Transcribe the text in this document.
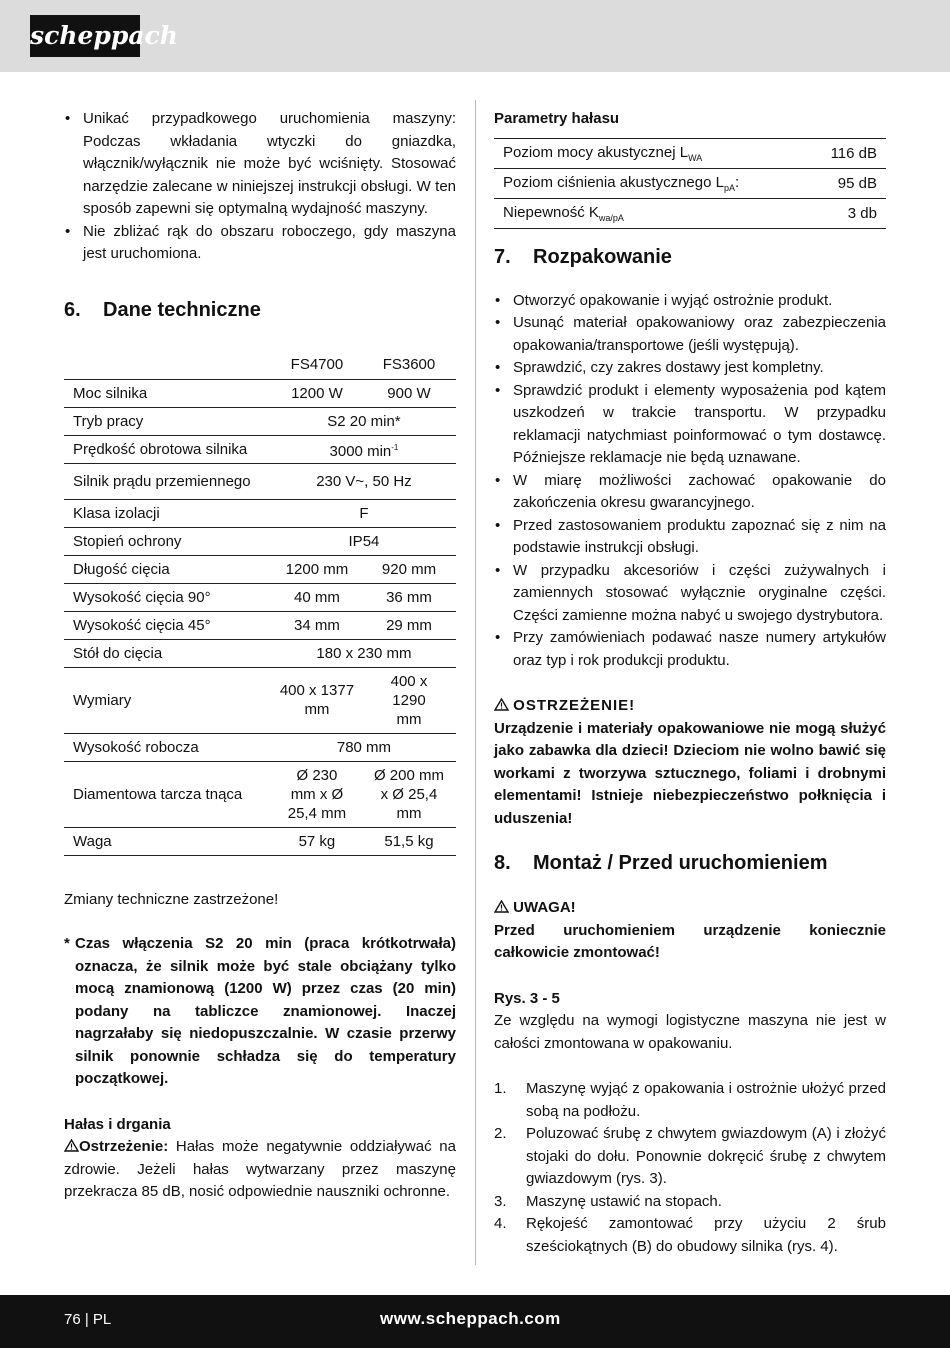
scheppach
• Unikać przypadkowego uruchomienia maszyny: Podczas wkładania wtyczki do gniazdka, włącznik/wyłącznik nie może być wciśnięty. Stosować narzędzie zalecane w niniejszej instrukcji obsługi. W ten sposób zapewni się optymalną wydajność maszyny.
• Nie zbliżać rąk do obszaru roboczego, gdy maszyna jest uruchomiona.
6.	Dane techniczne
	FS4700	FS3600
Moc silnika	1200 W	900 W
Tryb pracy	S2 20 min*	
Prędkość obrotowa silnika	3000 $\min^{-1}$
Silnik prądu przemiennego	230 V~, 50 Hz	
Klasa izolacji	F	
Stopień ochrony	IP54	
Długość cięcia	1200 mm	920 mm
Wysokość cięcia 90°	40 mm	36 mm
Wysokość cięcia 45°	34 mm	29 mm
Stół do cięcia	180 x 230 mm	
Wymiary	400 x 1377 mm	400 x 1290 mm
Wysokość robocza	780 mm	
Diamentowa tarcza tnąca	Ø 230 mm x Ø 25,4 mm	Ø 200 mm x Ø 25,4 mm
Waga	57 kg	51,5 kg

Zmiany techniczne zastrzeżone!

* Czas włączenia S2 20 min (praca krótkotrwała) oznacza, że silnik może być stale obciążany tylko mocą znamionową (1200 W) przez czas (20 min) podany na tabliczce znamionowej. Inaczej nagrzałaby się niedopuszczalnie. W czasie przerwy silnik ponownie schładza się do temperatury początkowej.

Hałas i drgania

Ostrzeżenie: Hałas może negatywnie oddziaływać na zdrowie. Jeżeli hałas wytwarzany przez maszynę przekracza 85 dB, nosić odpowiednie nauszniki ochronne.

Parametry hałasu

Poziom mocy akustycznej $L_{WA}$	116 dB
Poziom ciśnienia akustycznego $L_{pA}$:	95 dB
Niepewność $K_{wa/pA}$	3 db
7.	Rozpakowanie
• Otworzyć opakowanie i wyjąć ostrożnie produkt.
• Usunąć materiał opakowaniowy oraz zabezpieczenia opakowania/transportowe (jeśli występują).
• Sprawdzić, czy zakres dostawy jest kompletny.
• Sprawdzić produkt i elementy wyposażenia pod kątem uszkodzeń w trakcie transportu. W przypadku reklamacji natychmiast poinformować o tym dostawcę. Późniejsze reklamacje nie będą uznawane.
• W miarę możliwości zachować opakowanie do zakończenia okresu gwarancyjnego.
• Przed zastosowaniem produktu zapoznać się z nim na podstawie instrukcji obsługi.
• W przypadku akcesoriów i części zużywalnych i zamiennych stosować wyłącznie oryginalne części. Części zamienne można nabyć u swojego dystrybutora.
• Przy zamówieniach podawać nasze numery artykułów oraz typ i rok produkcji produktu.

OSTRZEŻENIE!

Urządzenie i materiały opakowaniowe nie mogą służyć jako zabawka dla dzieci! Dzieciom nie wolno bawić się workami z tworzywa sztucznego, foliami i drobnymi elementami! Istnieje niebezpieczeństwo połknięcia i uduszenia!

8.	Montaż / Przed uruchomieniem

UWAGA!

Przed uruchomieniem urządzenie koniecznie całkowicie zmontować!

Rys. 3 - 5

Ze względu na wymogi logistyczne maszyna nie jest w całości zmontowana w opakowaniu.

1. Maszynę wyjąć z opakowania i ostrożnie ułożyć przed sobą na podłożu.
2. Poluzować śrubę z chwytem gwiazdowym (A) i złożyć stojaki do dołu. Ponownie dokręcić śrubę z chwytem gwiazdowym (rys. 3).
3. Maszynę ustawić na stopach.
4. Rękojeść zamontować przy użyciu 2 śrub sześciokątnych (B) do obudowy silnika (rys. 4).
76 | PL	www.scheppach.com
